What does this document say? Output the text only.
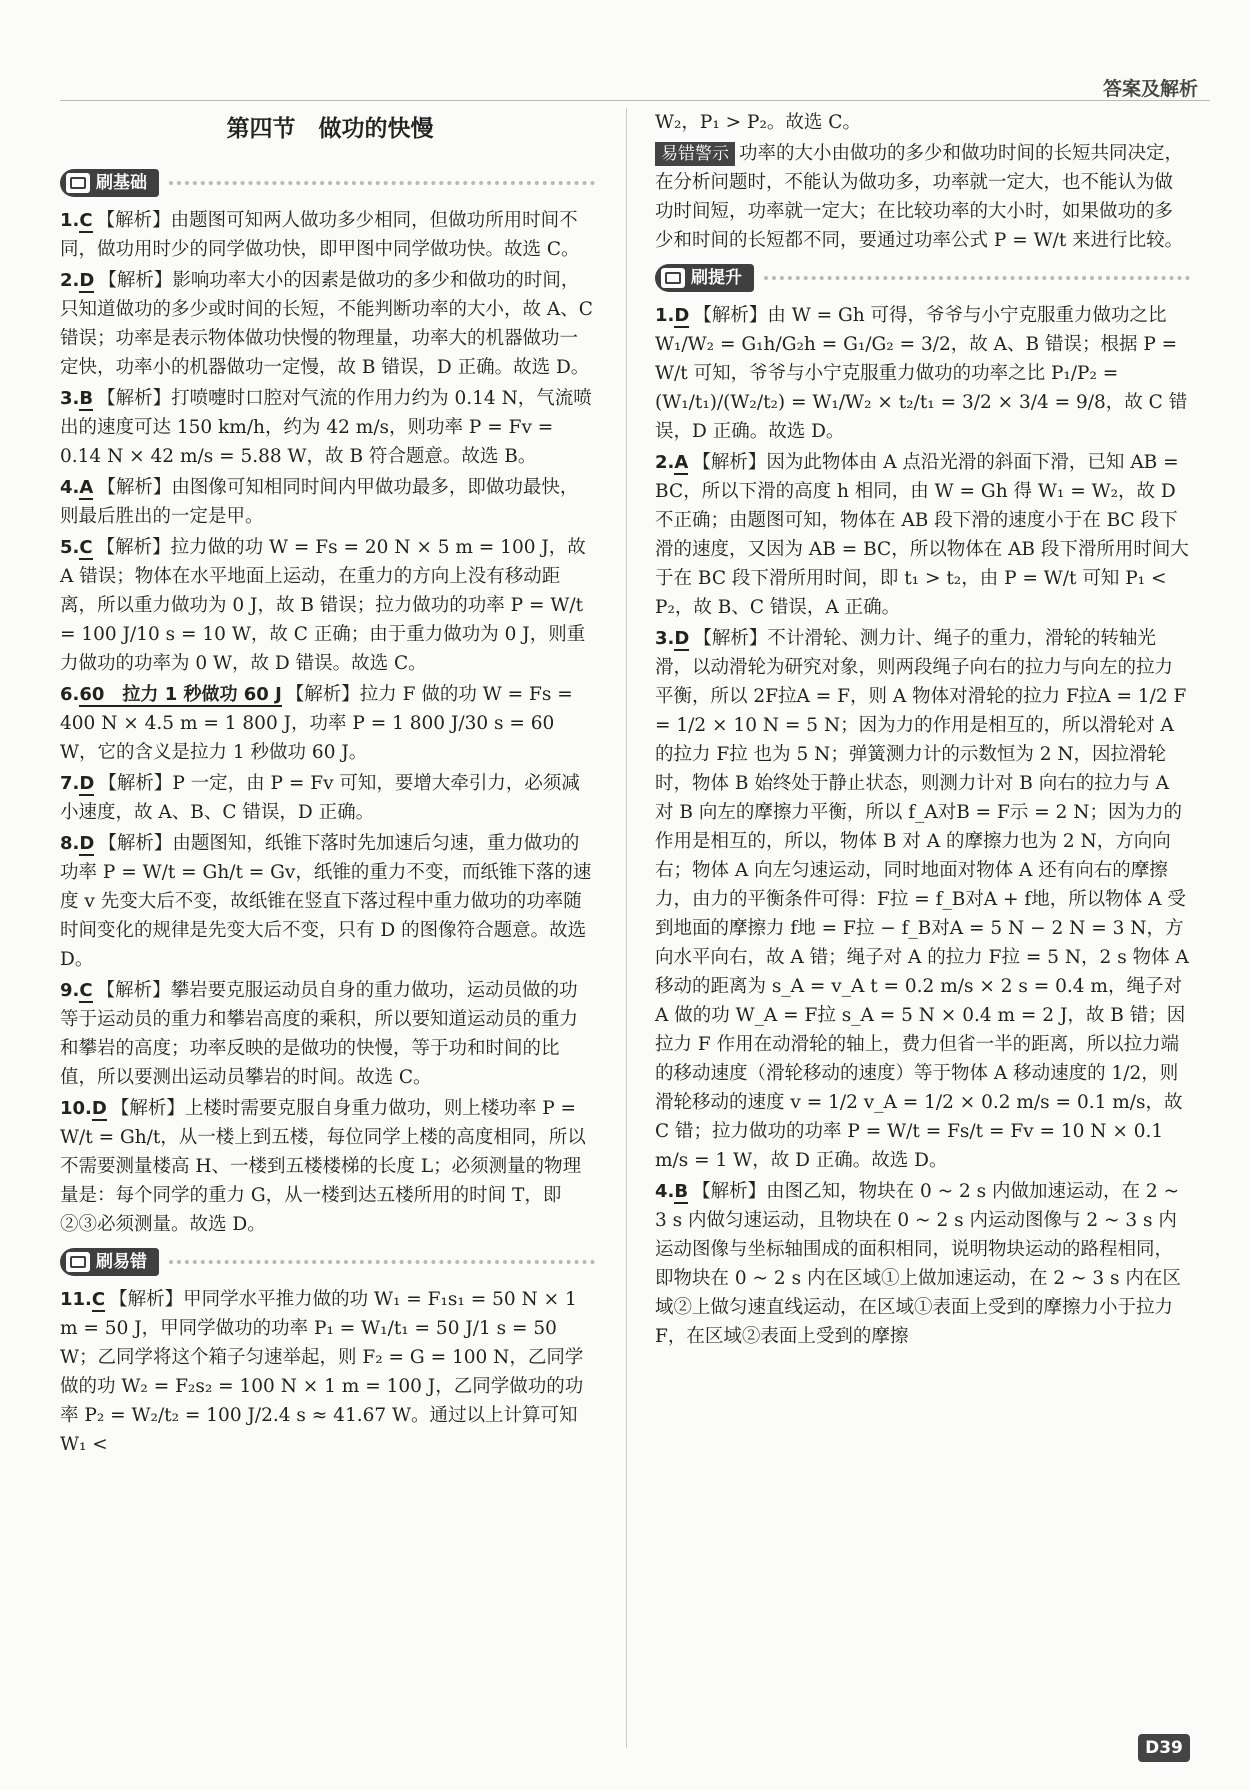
答案及解析
第四节　做功的快慢
刷基础

1.C 【解析】由题图可知两人做功多少相同，但做功所用时间不同，做功用时少的同学做功快，即甲图中同学做功快。故选 C。

2.D 【解析】影响功率大小的因素是做功的多少和做功的时间，只知道做功的多少或时间的长短，不能判断功率的大小，故 A、C 错误；功率是表示物体做功快慢的物理量，功率大的机器做功一定快，功率小的机器做功一定慢，故 B 错误，D 正确。故选 D。

3.B 【解析】打喷嚏时口腔对气流的作用力约为 0.14 N，气流喷出的速度可达 150 km/h，约为 42 m/s，则功率 P = Fv = 0.14 N × 42 m/s = 5.88 W，故 B 符合题意。故选 B。

4.A 【解析】由图像可知相同时间内甲做功最多，即做功最快，则最后胜出的一定是甲。

5.C 【解析】拉力做的功 W = Fs = 20 N × 5 m = 100 J，故 A 错误；物体在水平地面上运动，在重力的方向上没有移动距离，所以重力做功为 0 J，故 B 错误；拉力做功的功率 P = W/t = 100 J/10 s = 10 W，故 C 正确；由于重力做功为 0 J，则重力做功的功率为 0 W，故 D 错误。故选 C。

6.60　拉力 1 秒做功 60 J 【解析】拉力 F 做的功 W = Fs = 400 N × 4.5 m = 1 800 J，功率 P = 1 800 J/30 s = 60 W，它的含义是拉力 1 秒做功 60 J。

7.D 【解析】P 一定，由 P = Fv 可知，要增大牵引力，必须减小速度，故 A、B、C 错误，D 正确。

8.D 【解析】由题图知，纸锥下落时先加速后匀速，重力做功的功率 P = W/t = Gh/t = Gv，纸锥的重力不变，而纸锥下落的速度 v 先变大后不变，故纸锥在竖直下落过程中重力做功的功率随时间变化的规律是先变大后不变，只有 D 的图像符合题意。故选 D。

9.C 【解析】攀岩要克服运动员自身的重力做功，运动员做的功等于运动员的重力和攀岩高度的乘积，所以要知道运动员的重力和攀岩的高度；功率反映的是做功的快慢，等于功和时间的比值，所以要测出运动员攀岩的时间。故选 C。

10.D 【解析】上楼时需要克服自身重力做功，则上楼功率 P = W/t = Gh/t，从一楼上到五楼，每位同学上楼的高度相同，所以不需要测量楼高 H、一楼到五楼楼梯的长度 L；必须测量的物理量是：每个同学的重力 G，从一楼到达五楼所用的时间 T，即②③必须测量。故选 D。

刷易错

11.C 【解析】甲同学水平推力做的功 W₁ = F₁s₁ = 50 N × 1 m = 50 J，甲同学做功的功率 P₁ = W₁/t₁ = 50 J/1 s = 50 W；乙同学将这个箱子匀速举起，则 F₂ = G = 100 N，乙同学做的功 W₂ = F₂s₂ = 100 N × 1 m = 100 J，乙同学做功的功率 P₂ = W₂/t₂ = 100 J/2.4 s ≈ 41.67 W。通过以上计算可知 W₁ <

W₂，P₁ > P₂。故选 C。

易错警示 功率的大小由做功的多少和做功时间的长短共同决定，在分析问题时，不能认为做功多，功率就一定大，也不能认为做功时间短，功率就一定大；在比较功率的大小时，如果做功的多少和时间的长短都不同，要通过功率公式 P = W/t 来进行比较。

刷提升

1.D 【解析】由 W = Gh 可得，爷爷与小宁克服重力做功之比 W₁/W₂ = G₁h/G₂h = G₁/G₂ = 3/2，故 A、B 错误；根据 P = W/t 可知，爷爷与小宁克服重力做功的功率之比 P₁/P₂ = (W₁/t₁)/(W₂/t₂) = W₁/W₂ × t₂/t₁ = 3/2 × 3/4 = 9/8，故 C 错误，D 正确。故选 D。

2.A 【解析】因为此物体由 A 点沿光滑的斜面下滑，已知 AB = BC，所以下滑的高度 h 相同，由 W = Gh 得 W₁ = W₂，故 D 不正确；由题图可知，物体在 AB 段下滑的速度小于在 BC 段下滑的速度，又因为 AB = BC，所以物体在 AB 段下滑所用时间大于在 BC 段下滑所用时间，即 t₁ > t₂，由 P = W/t 可知 P₁ < P₂，故 B、C 错误，A 正确。

3.D 【解析】不计滑轮、测力计、绳子的重力，滑轮的转轴光滑，以动滑轮为研究对象，则两段绳子向右的拉力与向左的拉力平衡，所以 2F拉A = F，则 A 物体对滑轮的拉力 F拉A = 1/2 F = 1/2 × 10 N = 5 N；因为力的作用是相互的，所以滑轮对 A 的拉力 F拉 也为 5 N；弹簧测力计的示数恒为 2 N，因拉滑轮时，物体 B 始终处于静止状态，则测力计对 B 向右的拉力与 A 对 B 向左的摩擦力平衡，所以 f_A对B = F示 = 2 N；因为力的作用是相互的，所以，物体 B 对 A 的摩擦力也为 2 N，方向向右；物体 A 向左匀速运动，同时地面对物体 A 还有向右的摩擦力，由力的平衡条件可得：F拉 = f_B对A + f地，所以物体 A 受到地面的摩擦力 f地 = F拉 − f_B对A = 5 N − 2 N = 3 N，方向水平向右，故 A 错；绳子对 A 的拉力 F拉 = 5 N，2 s 物体 A 移动的距离为 s_A = v_A t = 0.2 m/s × 2 s = 0.4 m，绳子对 A 做的功 W_A = F拉 s_A = 5 N × 0.4 m = 2 J，故 B 错；因拉力 F 作用在动滑轮的轴上，费力但省一半的距离，所以拉力端的移动速度（滑轮移动的速度）等于物体 A 移动速度的 1/2，则滑轮移动的速度 v = 1/2 v_A = 1/2 × 0.2 m/s = 0.1 m/s，故 C 错；拉力做功的功率 P = W/t = Fs/t = Fv = 10 N × 0.1 m/s = 1 W，故 D 正确。故选 D。

4.B 【解析】由图乙知，物块在 0 ~ 2 s 内做加速运动，在 2 ~ 3 s 内做匀速运动，且物块在 0 ~ 2 s 内运动图像与 2 ~ 3 s 内运动图像与坐标轴围成的面积相同，说明物块运动的路程相同，即物块在 0 ~ 2 s 内在区域①上做加速运动，在 2 ~ 3 s 内在区域②上做匀速直线运动，在区域①表面上受到的摩擦力小于拉力 F，在区域②表面上受到的摩擦

D39
